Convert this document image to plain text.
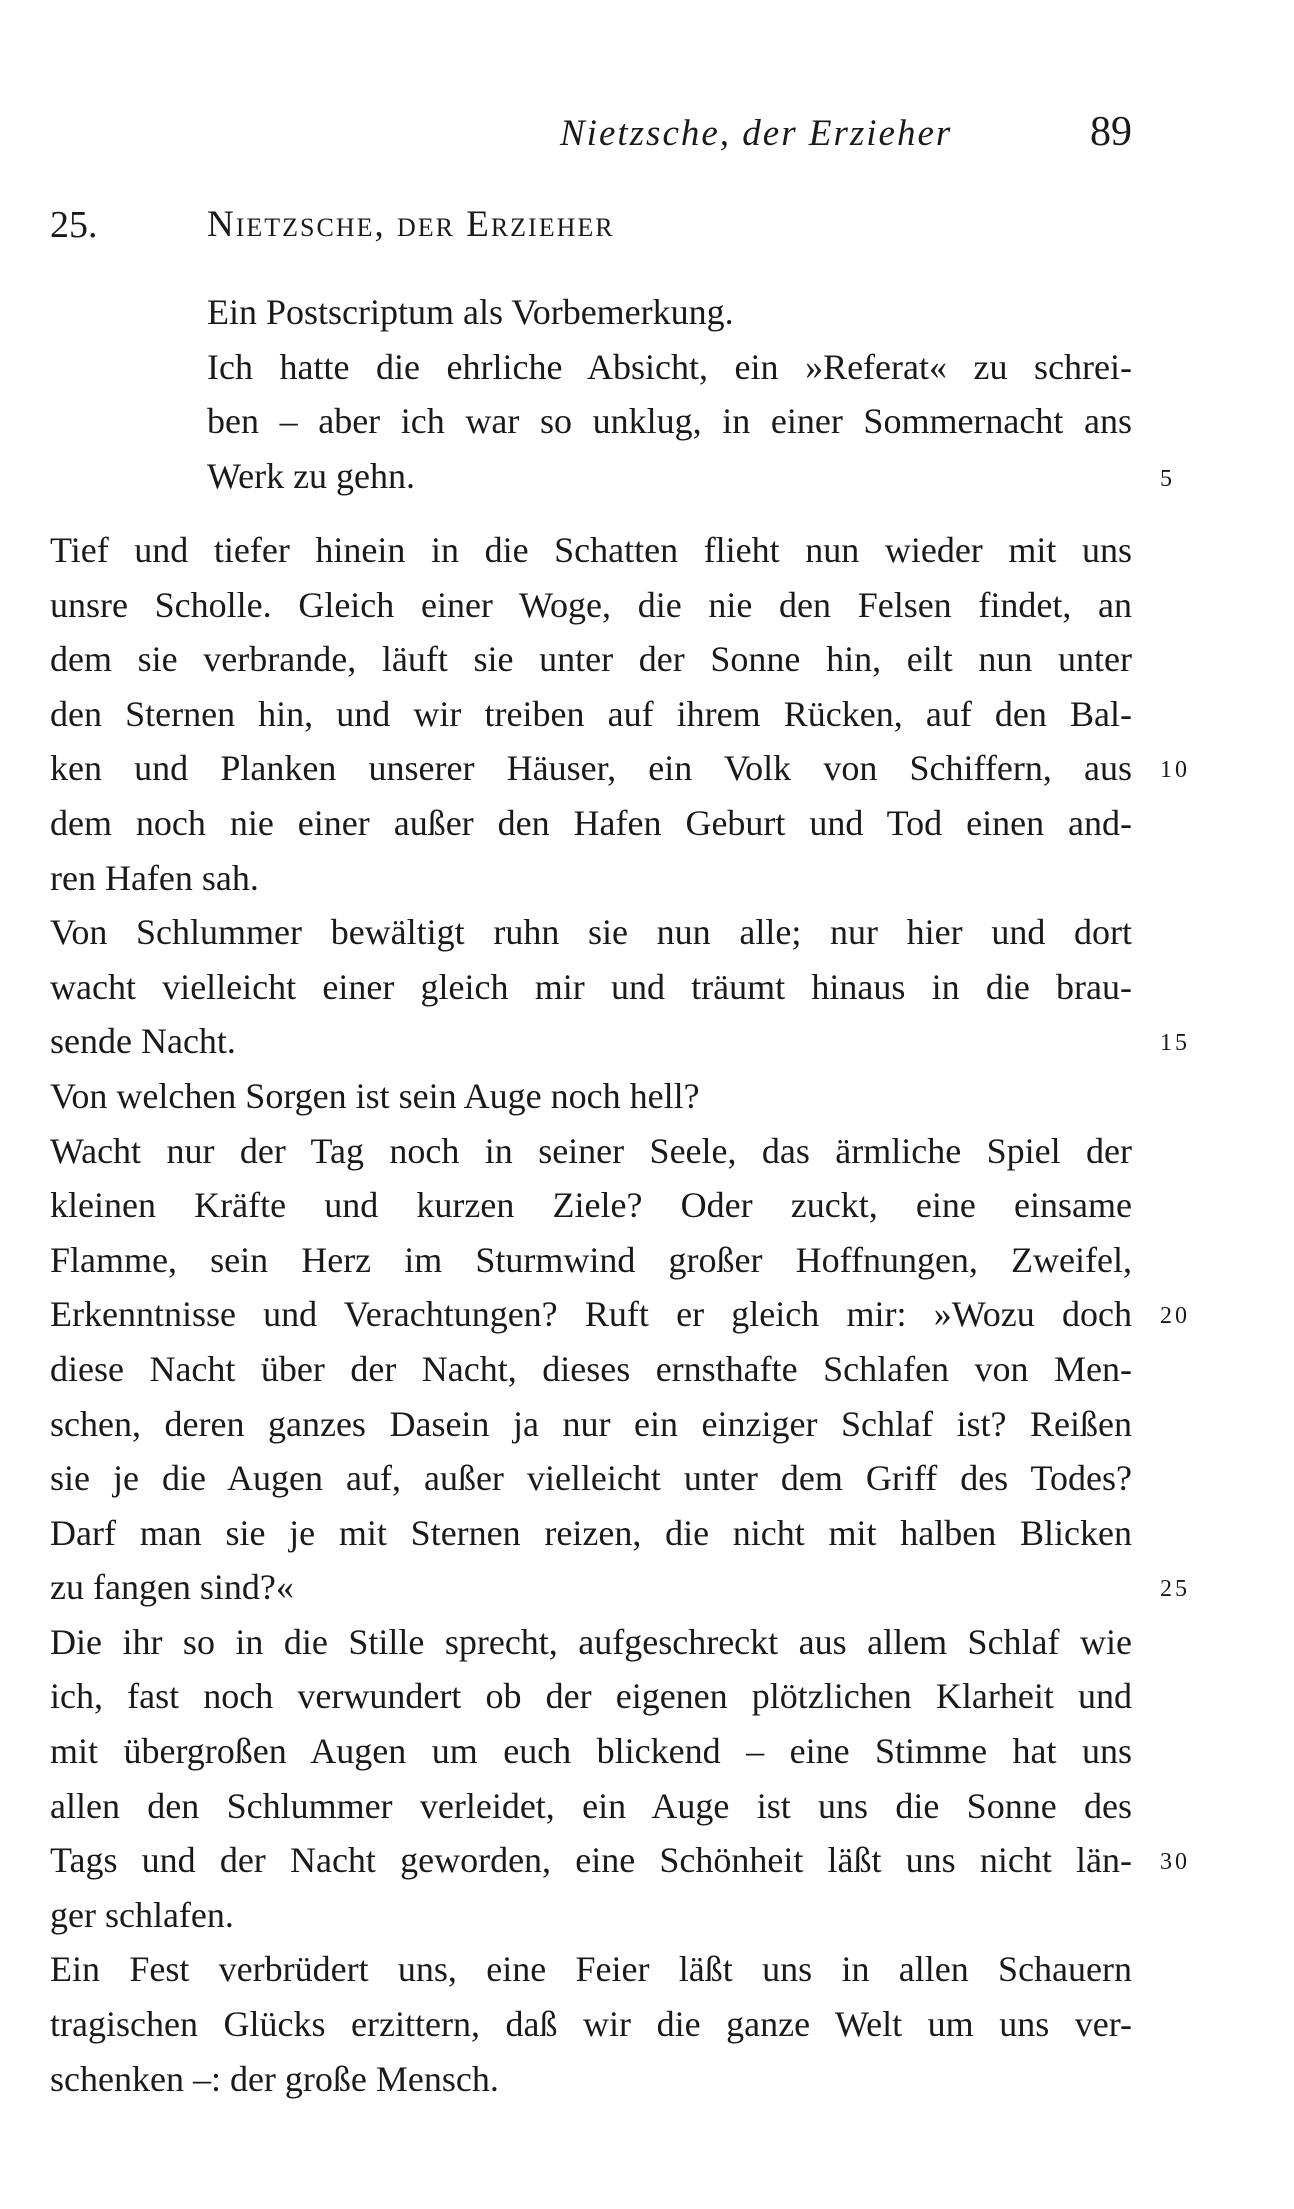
Nietzsche, der Erzieher	89
25.	Nietzsche, der Erzieher
Ein Postscriptum als Vorbemerkung.
Ich hatte die ehrliche Absicht, ein »Referat« zu schrei-
ben – aber ich war so unklug, in einer Sommernacht ans
Werk zu gehn.
Tief und tiefer hinein in die Schatten flieht nun wieder mit uns
unsre Scholle. Gleich einer Woge, die nie den Felsen findet, an
dem sie verbrande, läuft sie unter der Sonne hin, eilt nun unter
den Sternen hin, und wir treiben auf ihrem Rücken, auf den Bal-
ken und Planken unserer Häuser, ein Volk von Schiffern, aus
dem noch nie einer außer den Hafen Geburt und Tod einen and-
ren Hafen sah.
Von Schlummer bewältigt ruhn sie nun alle; nur hier und dort
wacht vielleicht einer gleich mir und träumt hinaus in die brau-
sende Nacht.
Von welchen Sorgen ist sein Auge noch hell?
Wacht nur der Tag noch in seiner Seele, das ärmliche Spiel der
kleinen Kräfte und kurzen Ziele? Oder zuckt, eine einsame
Flamme, sein Herz im Sturmwind großer Hoffnungen, Zweifel,
Erkenntnisse und Verachtungen? Ruft er gleich mir: »Wozu doch
diese Nacht über der Nacht, dieses ernsthafte Schlafen von Men-
schen, deren ganzes Dasein ja nur ein einziger Schlaf ist? Reißen
sie je die Augen auf, außer vielleicht unter dem Griff des Todes?
Darf man sie je mit Sternen reizen, die nicht mit halben Blicken
zu fangen sind?«
Die ihr so in die Stille sprecht, aufgeschreckt aus allem Schlaf wie
ich, fast noch verwundert ob der eigenen plötzlichen Klarheit und
mit übergroßen Augen um euch blickend – eine Stimme hat uns
allen den Schlummer verleidet, ein Auge ist uns die Sonne des
Tags und der Nacht geworden, eine Schönheit läßt uns nicht län-
ger schlafen.
Ein Fest verbrüdert uns, eine Feier läßt uns in allen Schauern
tragischen Glücks erzittern, daß wir die ganze Welt um uns ver-
schenken –: der große Mensch.
5
10
15
20
25
30
